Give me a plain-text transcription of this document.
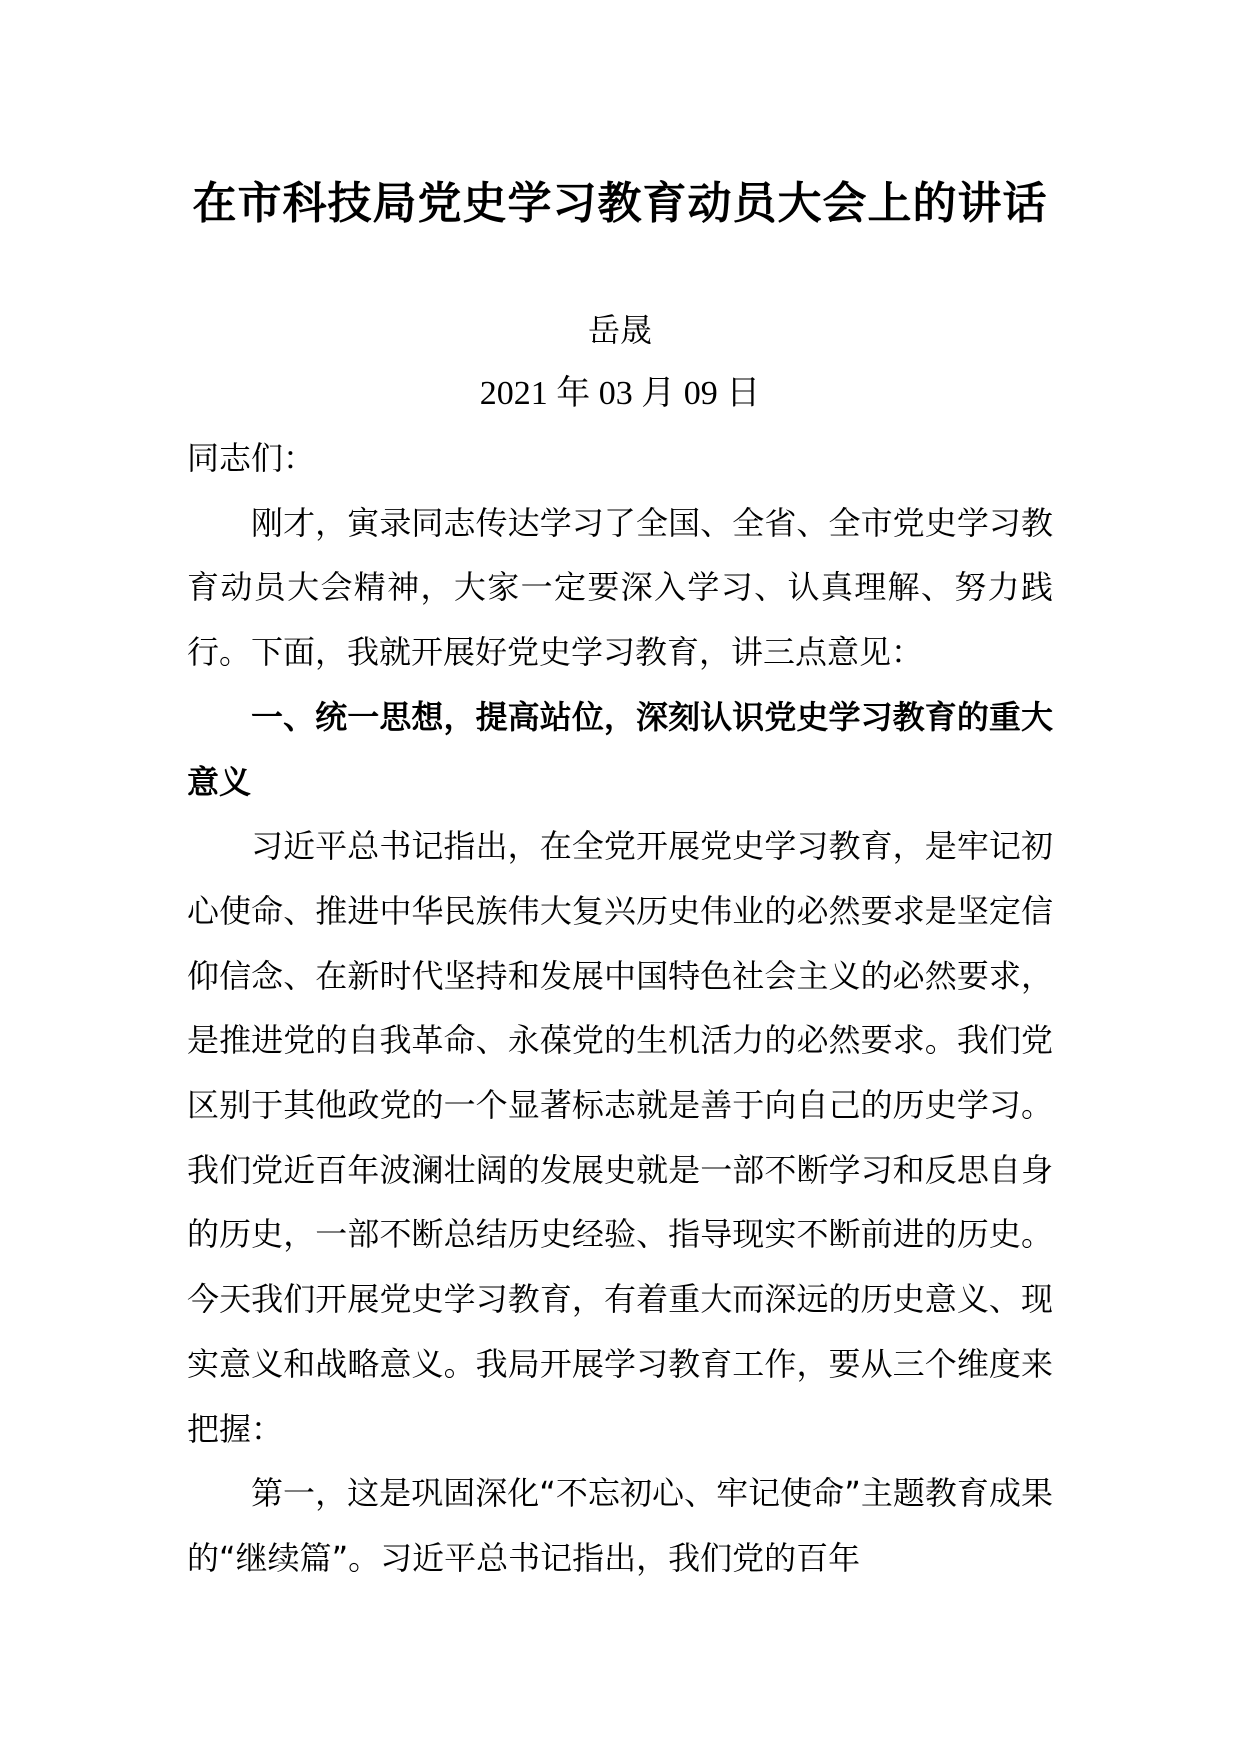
在市科技局党史学习教育动员大会上的讲话
岳晟
2021 年 03 月 09 日

同志们：

刚才，寅录同志传达学习了全国、全省、全市党史学习教育动员大会精神，大家一定要深入学习、认真理解、努力践行。下面，我就开展好党史学习教育，讲三点意见：

一、统一思想，提高站位，深刻认识党史学习教育的重大意义

习近平总书记指出，在全党开展党史学习教育，是牢记初心使命、推进中华民族伟大复兴历史伟业的必然要求是坚定信仰信念、在新时代坚持和发展中国特色社会主义的必然要求，是推进党的自我革命、永葆党的生机活力的必然要求。我们党区别于其他政党的一个显著标志就是善于向自己的历史学习。我们党近百年波澜壮阔的发展史就是一部不断学习和反思自身的历史，一部不断总结历史经验、指导现实不断前进的历史。今天我们开展党史学习教育，有着重大而深远的历史意义、现实意义和战略意义。我局开展学习教育工作，要从三个维度来把握：

第一，这是巩固深化“不忘初心、牢记使命”主题教育成果的“继续篇”。习近平总书记指出，我们党的百年
